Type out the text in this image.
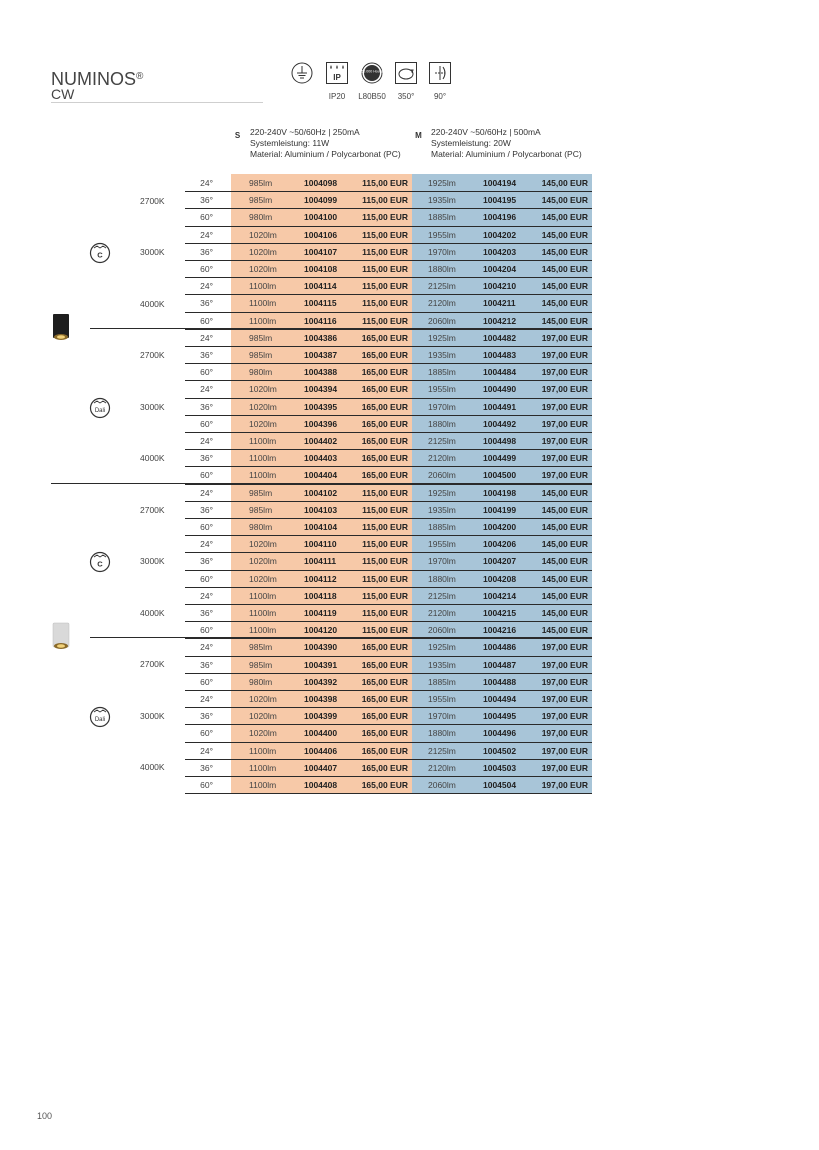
NUMINOS®
CW
IP
IP20
50.000 Hours
L80B50	350°	90°
S	220-240V ~50/60Hz | 250mA
Systemleistung: 11W
Material: Aluminium / Polycarbonat (PC)
M 220-240V ~50/60Hz | 500mA
Systemleistung: 20W
Material: Aluminium / Polycarbonat (PC)
24°	985lm	1004098	115,00 EUR 1925lm	1004194	145,00 EUR
36°	985lm	1004099	115,00 EUR 1935lm	1004195	145,00 EUR
60°	980lm	1004100	115,00 EUR 1885lm	1004196	145,00 EUR
24°	1020lm	1004106	115,00 EUR 1955lm	1004202	145,00 EUR
36°	1020lm	1004107	115,00 EUR 1970lm	1004203	145,00 EUR
60°	1020lm	1004108	115,00 EUR 1880lm	1004204	145,00 EUR
24°	1100lm	1004114	115,00 EUR 2125lm	1004210	145,00 EUR
36°	1100lm	1004115	115,00 EUR 2120lm	1004211	145,00 EUR
60°	1100lm	1004116	115,00 EUR 2060lm	1004212	145,00 EUR
24°	985lm	1004386	165,00 EUR 1925lm	1004482	197,00 EUR
36°	985lm	1004387	165,00 EUR 1935lm	1004483	197,00 EUR
60°	980lm	1004388	165,00 EUR 1885lm	1004484	197,00 EUR
24°	1020lm	1004394	165,00 EUR 1955lm	1004490	197,00 EUR
36°	1020lm	1004395	165,00 EUR 1970lm	1004491	197,00 EUR
60°	1020lm	1004396	165,00 EUR 1880lm	1004492	197,00 EUR
24°	1100lm	1004402	165,00 EUR 2125lm	1004498	197,00 EUR
36°	1100lm	1004403	165,00 EUR 2120lm	1004499	197,00 EUR
60°	1100lm	1004404	165,00 EUR 2060lm	1004500	197,00 EUR
24°	985lm	1004102	115,00 EUR 1925lm	1004198	145,00 EUR
36°	985lm	1004103	115,00 EUR 1935lm	1004199	145,00 EUR
60°	980lm	1004104	115,00 EUR 1885lm	1004200	145,00 EUR
24°	1020lm	1004110	115,00 EUR 1955lm	1004206	145,00 EUR
36°	1020lm	1004111	115,00 EUR 1970lm	1004207	145,00 EUR
60°	1020lm	1004112	115,00 EUR 1880lm	1004208	145,00 EUR
24°	1100lm	1004118	115,00 EUR 2125lm	1004214	145,00 EUR
36°	1100lm	1004119	115,00 EUR 2120lm	1004215	145,00 EUR
60°	1100lm	1004120	115,00 EUR 2060lm	1004216	145,00 EUR
24°	985lm	1004390	165,00 EUR 1925lm	1004486	197,00 EUR
36°	985lm	1004391	165,00 EUR 1935lm	1004487	197,00 EUR
60°	980lm	1004392	165,00 EUR 1885lm	1004488	197,00 EUR
24°	1020lm	1004398	165,00 EUR 1955lm	1004494	197,00 EUR
36°	1020lm	1004399	165,00 EUR 1970lm	1004495	197,00 EUR
60°	1020lm	1004400	165,00 EUR 1880lm	1004496	197,00 EUR
24°	1100lm	1004406	165,00 EUR 2125lm	1004502	197,00 EUR
36°	1100lm	1004407	165,00 EUR 2120lm	1004503	197,00 EUR
60°	1100lm	1004408	165,00 EUR 2060lm	1004504	197,00 EUR
2700K
3000K
4000K
2700K
3000K
4000K
2700K
3000K
4000K
2700K
3000K
4000K
C
Dali
C
Dali
100
